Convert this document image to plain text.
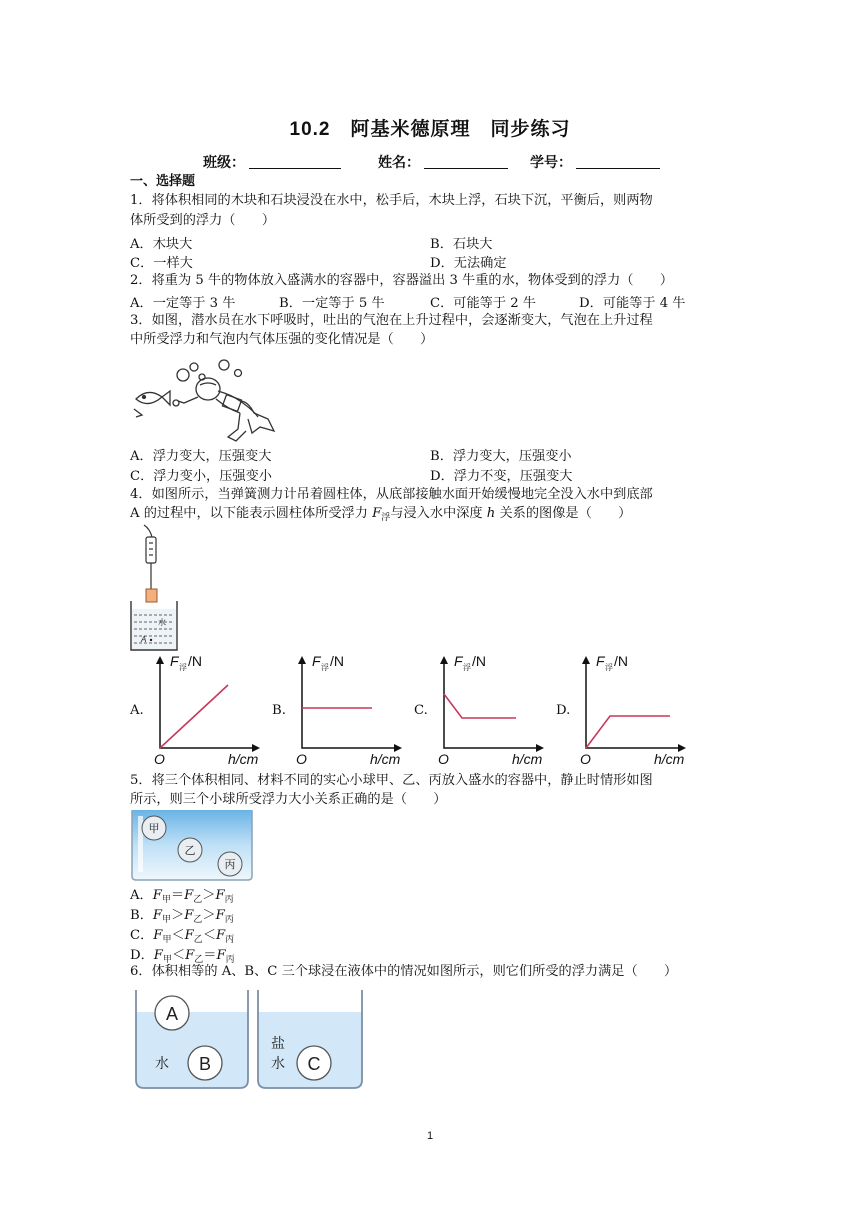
10.2　阿基米德原理　同步练习
班级：	姓名：	学号：
一、选择题
1．将体积相同的木块和石块浸没在水中，松手后，木块上浮，石块下沉，平衡后，则两物
体所受到的浮力（　　）
A．木块大	B．石块大
C．一样大	D．无法确定
2．将重为 5 牛的物体放入盛满水的容器中，容器溢出 3 牛重的水，物体受到的浮力（　　）
A．一定等于 3 牛	B．一定等于 5 牛	C．可能等于 2 牛	D．可能等于 4 牛
3．如图，潜水员在水下呼吸时，吐出的气泡在上升过程中，会逐渐变大，气泡在上升过程
中所受浮力和气泡内气体压强的变化情况是（　　）
A．浮力变大，压强变大	B．浮力变大，压强变小
C．浮力变小，压强变小	D．浮力不变，压强变大
4．如图所示，当弹簧测力计吊着圆柱体，从底部接触水面开始缓慢地完全没入水中到底部
A 的过程中，以下能表示圆柱体所受浮力 $F_浮$与浸入水中深度 h 关系的图像是（　　）
水
A
A.	B.	C.	D.
F 浮 /N
h/cm
O
F 浮 /N
h/cm
O
F 浮 /N
h/cm
O
F 浮 /N
h/cm
O
5．将三个体积相同、材料不同的实心小球甲、乙、丙放入盛水的容器中，静止时情形如图
所示，则三个小球所受浮力大小关系正确的是（　　）
甲
乙
丙
A．$F_甲=F_乙>F_丙$
B．$F_甲>F_乙>F_丙$
C．$F_甲<F_乙<F_丙$
D．$F_甲<F_乙=F_丙$
6．体积相等的 A、B、C 三个球浸在液体中的情况如图所示，则它们所受的浮力满足（　　）
A
B
水	C
盐
水
1
